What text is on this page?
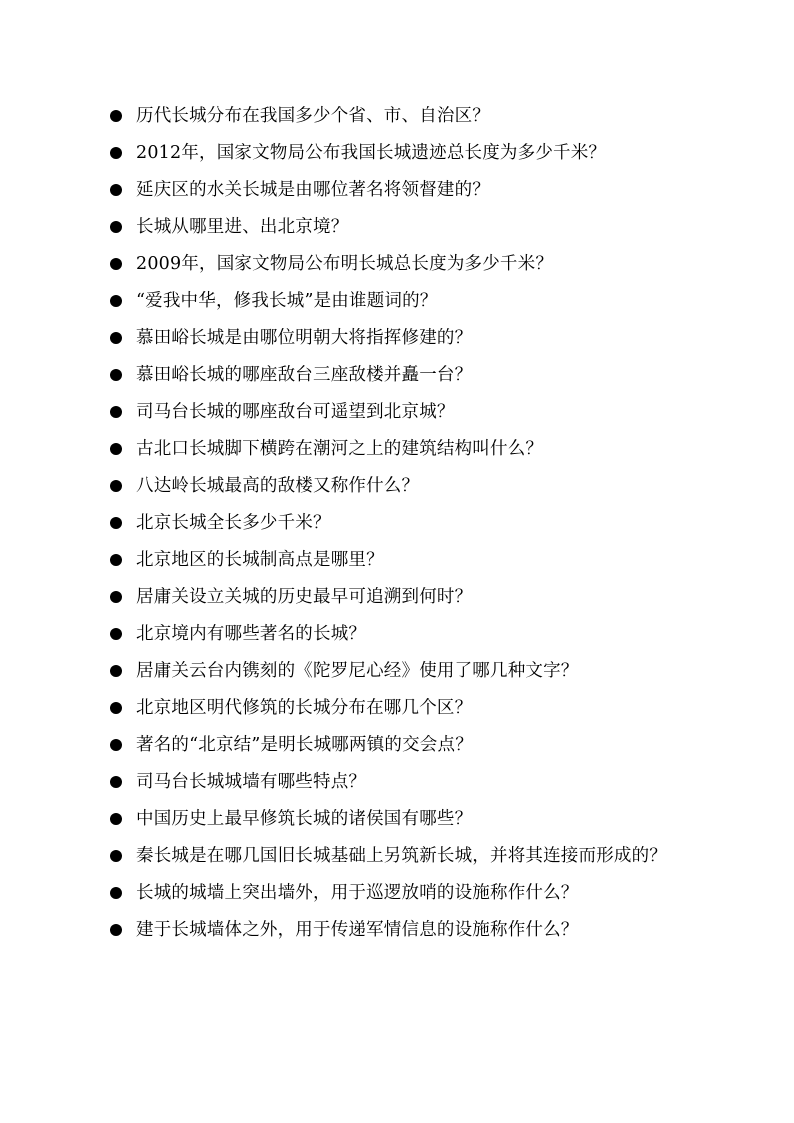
历代长城分布在我国多少个省、市、自治区？
2012年，国家文物局公布我国长城遗迹总长度为多少千米？
延庆区的水关长城是由哪位著名将领督建的？
长城从哪里进、出北京境？
2009年，国家文物局公布明长城总长度为多少千米？
“爱我中华，修我长城”是由谁题词的？
慕田峪长城是由哪位明朝大将指挥修建的？
慕田峪长城的哪座敌台三座敌楼并矗一台？
司马台长城的哪座敌台可遥望到北京城？
古北口长城脚下横跨在潮河之上的建筑结构叫什么？
八达岭长城最高的敌楼又称作什么？
北京长城全长多少千米？
北京地区的长城制高点是哪里？
居庸关设立关城的历史最早可追溯到何时？
北京境内有哪些著名的长城？
居庸关云台内镌刻的《陀罗尼心经》使用了哪几种文字？
北京地区明代修筑的长城分布在哪几个区？
著名的“北京结”是明长城哪两镇的交会点？
司马台长城城墙有哪些特点？
中国历史上最早修筑长城的诸侯国有哪些？
秦长城是在哪几国旧长城基础上另筑新长城，并将其连接而形成的？
长城的城墙上突出墙外，用于巡逻放哨的设施称作什么？
建于长城墙体之外，用于传递军情信息的设施称作什么？
